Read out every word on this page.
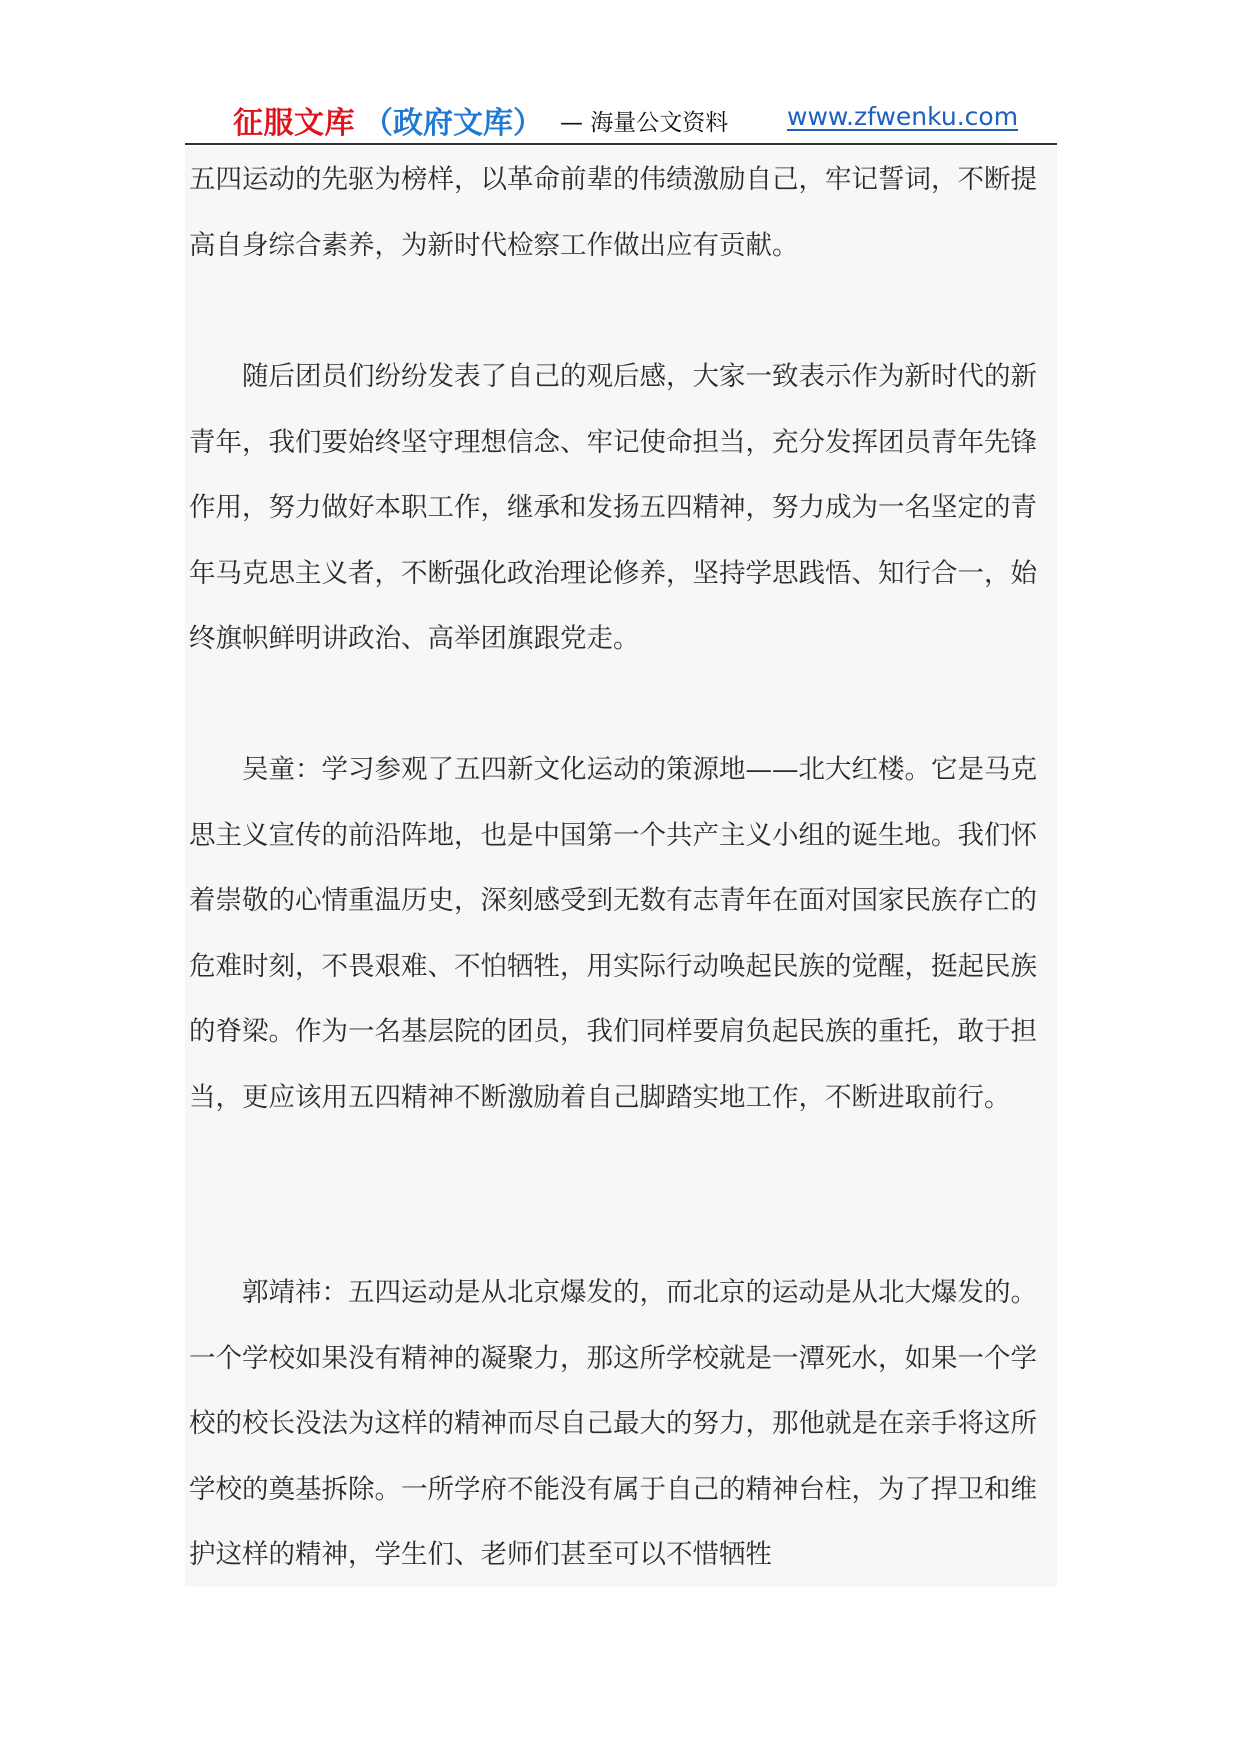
征服文库 （政府文库） — 海量公文资料 www.zfwenku.com

五四运动的先驱为榜样，以革命前辈的伟绩激励自己，牢记誓词，不断提高自身综合素养，为新时代检察工作做出应有贡献。

随后团员们纷纷发表了自己的观后感，大家一致表示作为新时代的新青年，我们要始终坚守理想信念、牢记使命担当，充分发挥团员青年先锋作用，努力做好本职工作，继承和发扬五四精神，努力成为一名坚定的青年马克思主义者，不断强化政治理论修养，坚持学思践悟、知行合一，始终旗帜鲜明讲政治、高举团旗跟党走。

吴童：学习参观了五四新文化运动的策源地——北大红楼。它是马克思主义宣传的前沿阵地，也是中国第一个共产主义小组的诞生地。我们怀着崇敬的心情重温历史，深刻感受到无数有志青年在面对国家民族存亡的危难时刻，不畏艰难、不怕牺牲，用实际行动唤起民族的觉醒，挺起民族的脊梁。作为一名基层院的团员，我们同样要肩负起民族的重托，敢于担当，更应该用五四精神不断激励着自己脚踏实地工作，不断进取前行。

郭靖祎：五四运动是从北京爆发的，而北京的运动是从北大爆发的。一个学校如果没有精神的凝聚力，那这所学校就是一潭死水，如果一个学校的校长没法为这样的精神而尽自己最大的努力，那他就是在亲手将这所学校的奠基拆除。一所学府不能没有属于自己的精神台柱，为了捍卫和维护这样的精神，学生们、老师们甚至可以不惜牺牲
